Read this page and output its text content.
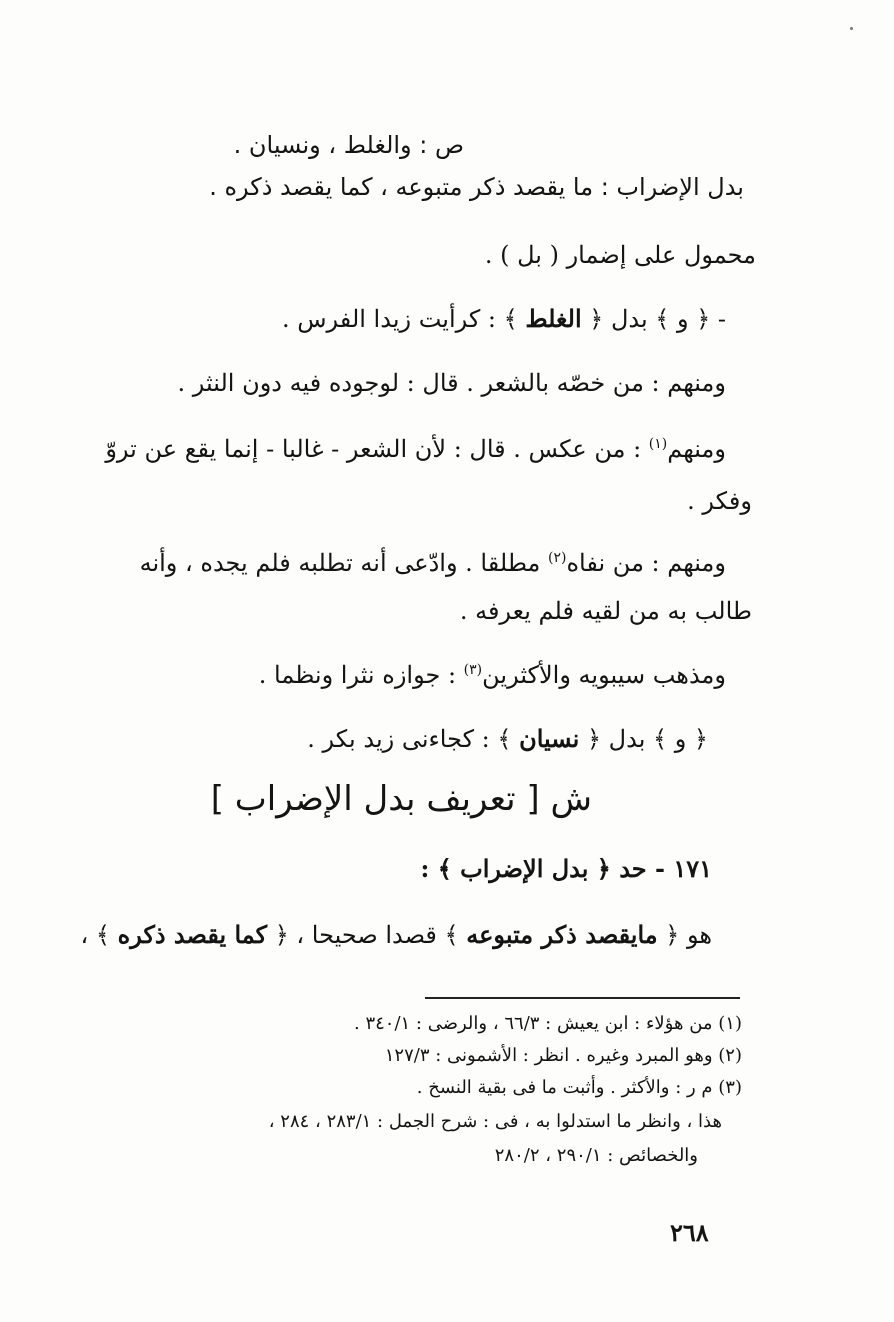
ص : والغلط ، ونسيان .
بدل الإضراب : ما يقصد ذكر متبوعه ، كما يقصد ذكره .
محمول على إضمار ( بل ) .
- ﴿ و ﴾ بدل ﴿ الغلط ﴾ : كرأيت زيدا الفرس .
ومنهم : من خصّه بالشعر . قال : لوجوده فيه دون النثر .
ومنهم$^{(١)}$ : من عكس . قال : لأن الشعر - غالبا - إنما يقع عن تروّ
وفكر .
ومنهم : من نفاه$^{(٢)}$ مطلقا . وادّعى أنه تطلبه فلم يجده ، وأنه
طالب به من لقيه فلم يعرفه .
ومذهب سيبويه والأكثرين$^{(٣)}$ : جوازه نثرا ونظما .
﴿ و ﴾ بدل ﴿ نسيان ﴾ : كجاءنى زيد بكر .
ش [ تعريف بدل الإضراب ]
١٧١ - حد ﴿ بدل الإضراب ﴾ :
هو ﴿ مايقصد ذكر متبوعه ﴾ قصدا صحيحا ، ﴿ كما يقصد ذكره ﴾ ،
(١) من هؤلاء : ابن يعيش : ٦٦/٣ ، والرضى : ٣٤٠/١ .
(٢) وهو المبرد وغيره . انظر : الأشمونى : ١٢٧/٣
(٣) م ر : والأكثر . وأثبت ما فى بقية النسخ .
هذا ، وانظر ما استدلوا به ، فى : شرح الجمل : ٢٨٣/١ ، ٢٨٤ ،
والخصائص : ٢٩٠/١ ، ٢٨٠/٢
٢٦٨
